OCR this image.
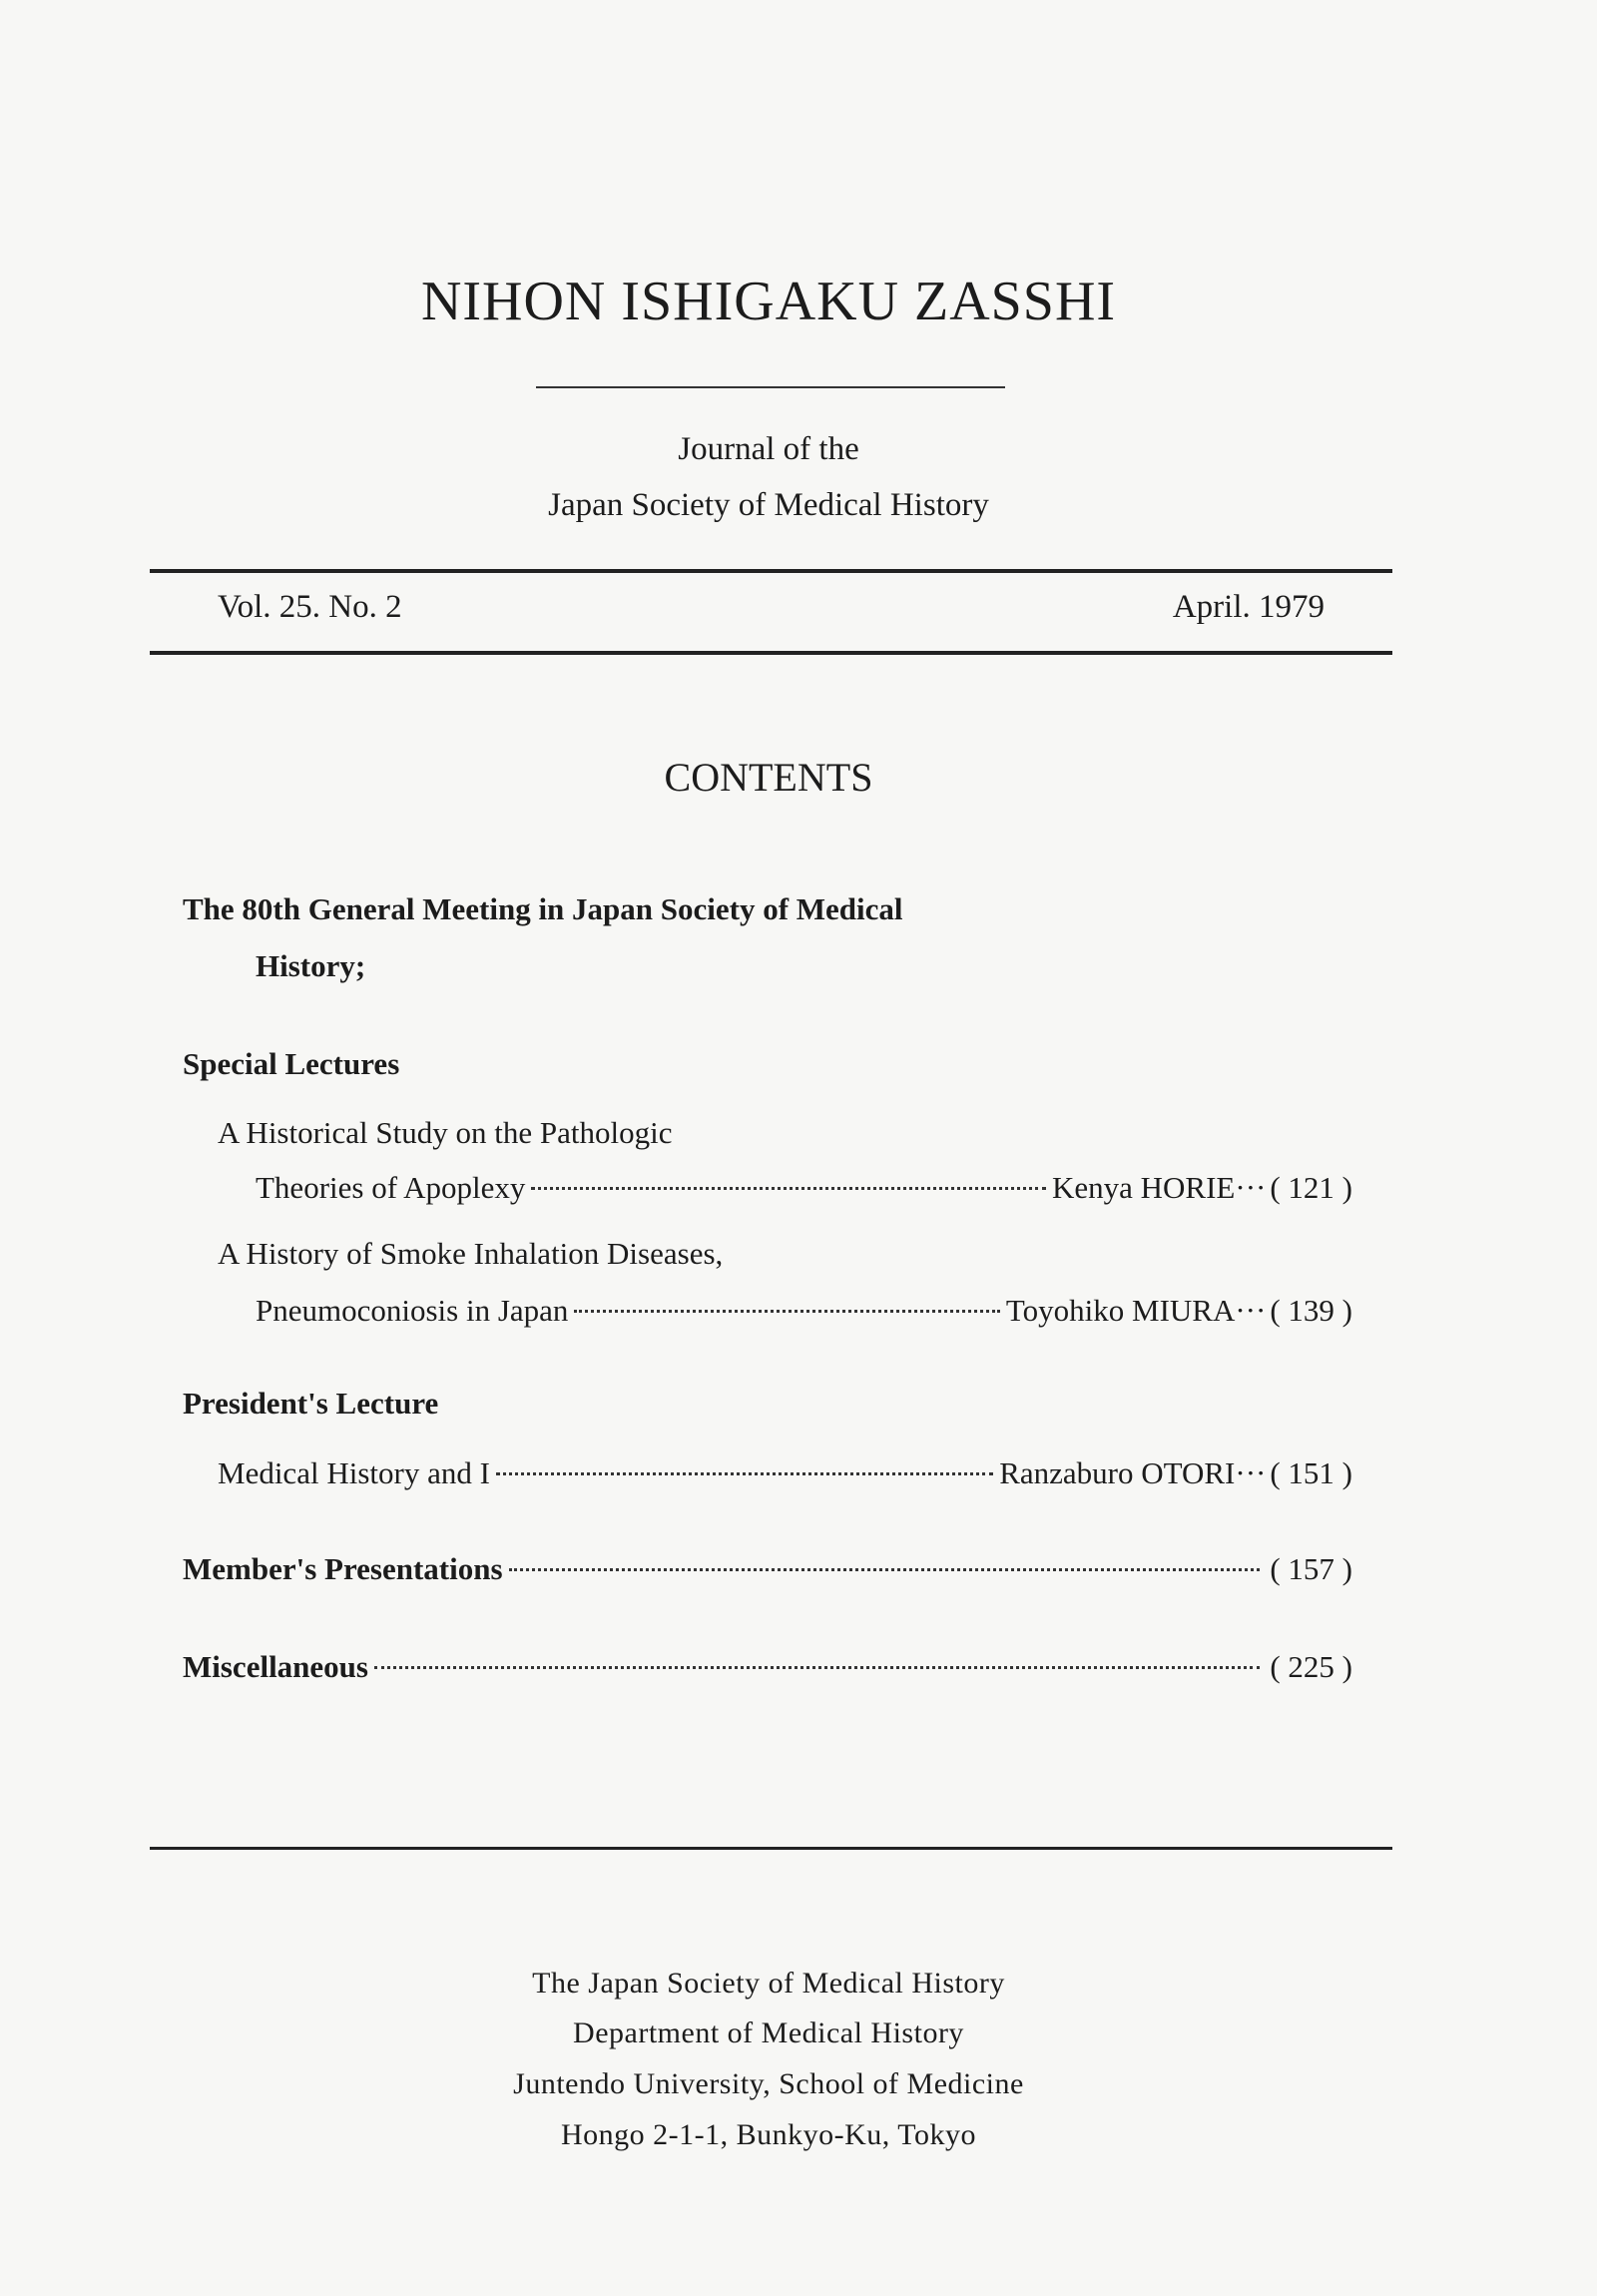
NIHON ISHIGAKU ZASSHI
Journal of the
Japan Society of Medical History
Vol. 25. No. 2	April. 1979
CONTENTS
The 80th General Meeting in Japan Society of Medical
History;
Special Lectures
A Historical Study on the Pathologic
Theories of Apoplexy	Kenya HORIE··· ( 121 )
A History of Smoke Inhalation Diseases,
Pneumoconiosis in Japan	Toyohiko MIURA··· ( 139 )
President's Lecture
Medical History and I	Ranzaburo OTORI··· ( 151 )
Member's Presentations	( 157 )
Miscellaneous	( 225 )
The Japan Society of Medical History
Department of Medical History
Juntendo University, School of Medicine
Hongo 2-1-1, Bunkyo-Ku, Tokyo
